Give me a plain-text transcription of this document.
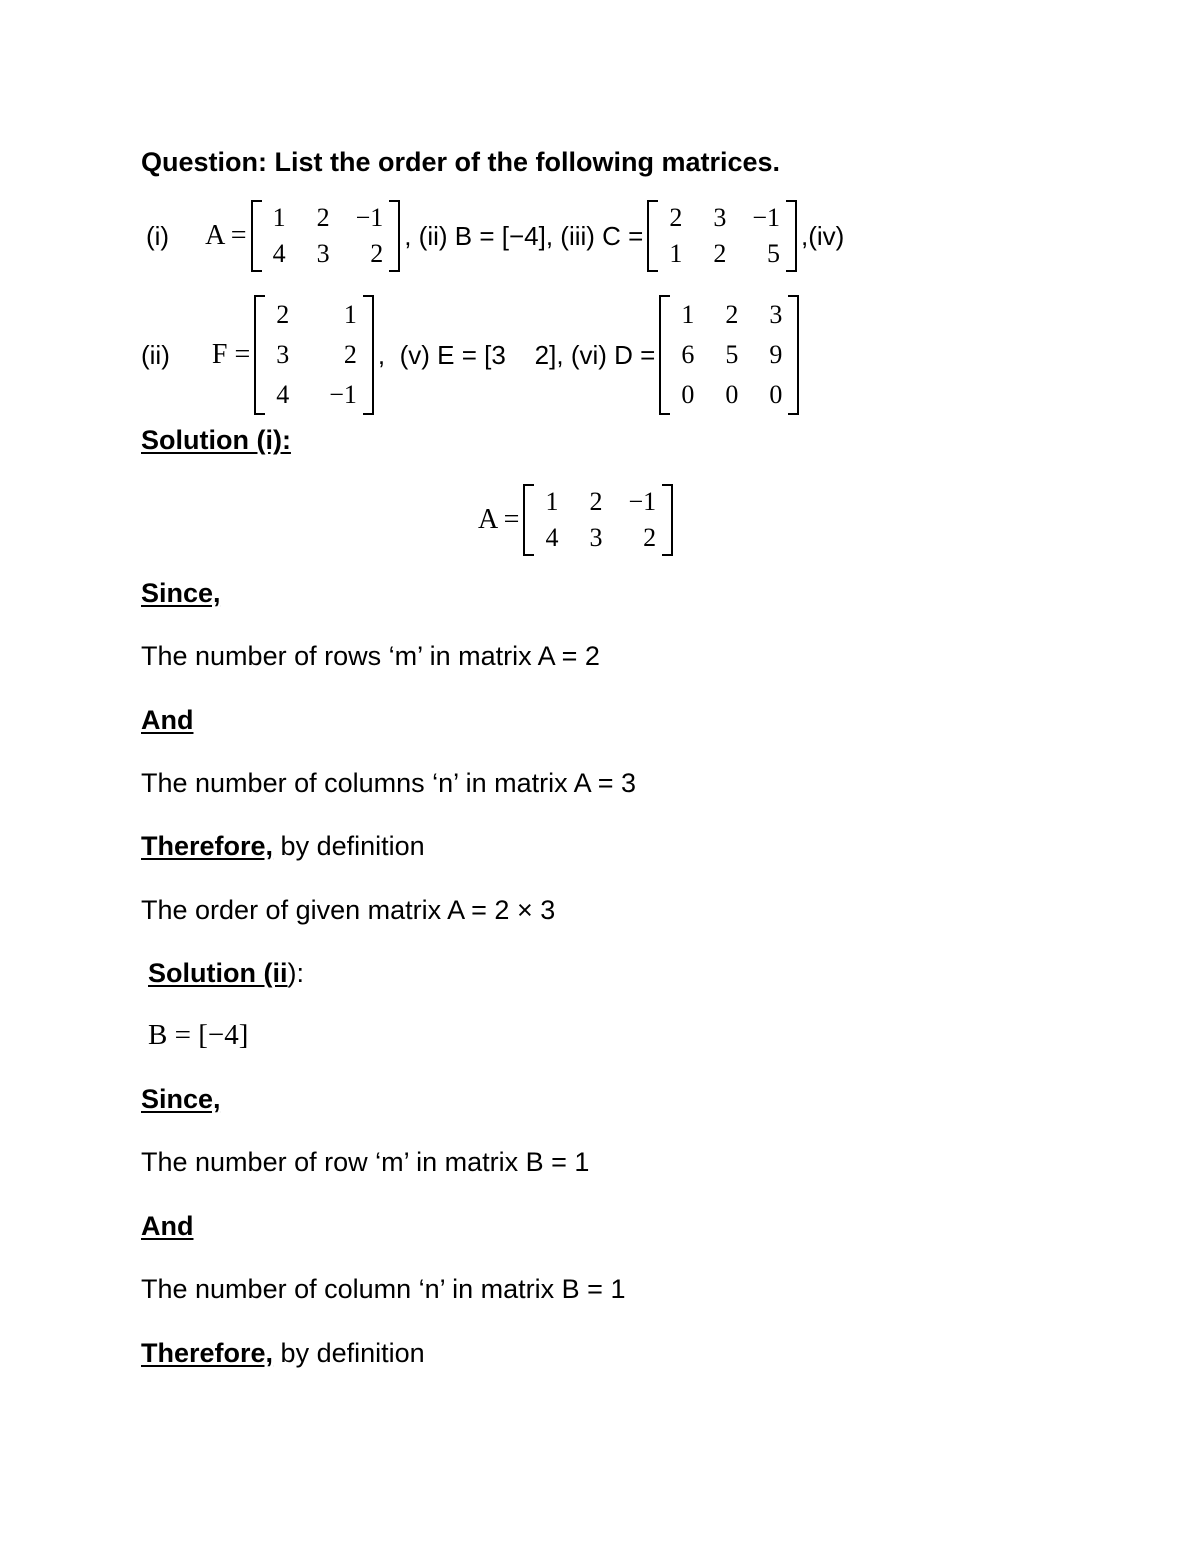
Question: List the order of the following matrices.
(i) A =
1 2 −1
4 3	2
, (ii) B = [−4], (iii) C =
2 3 −1
1 2	5
,(iv)
(ii) F =
2	1
3	2
4 −1
,  (v) E = [3    2], (vi) D =
1 2 3
6 5 9
0 0 0
Solution (i):
A =
1 2 −1
4 3	2
Since,
The number of rows ‘m’ in matrix A = 2
And
The number of columns ‘n’ in matrix A = 3
Therefore, by definition
The order of given matrix A = 2 × 3
Solution (ii):
B = [−4]
Since,
The number of row ‘m’ in matrix B = 1
And
The number of column ‘n’ in matrix B = 1
Therefore, by definition
